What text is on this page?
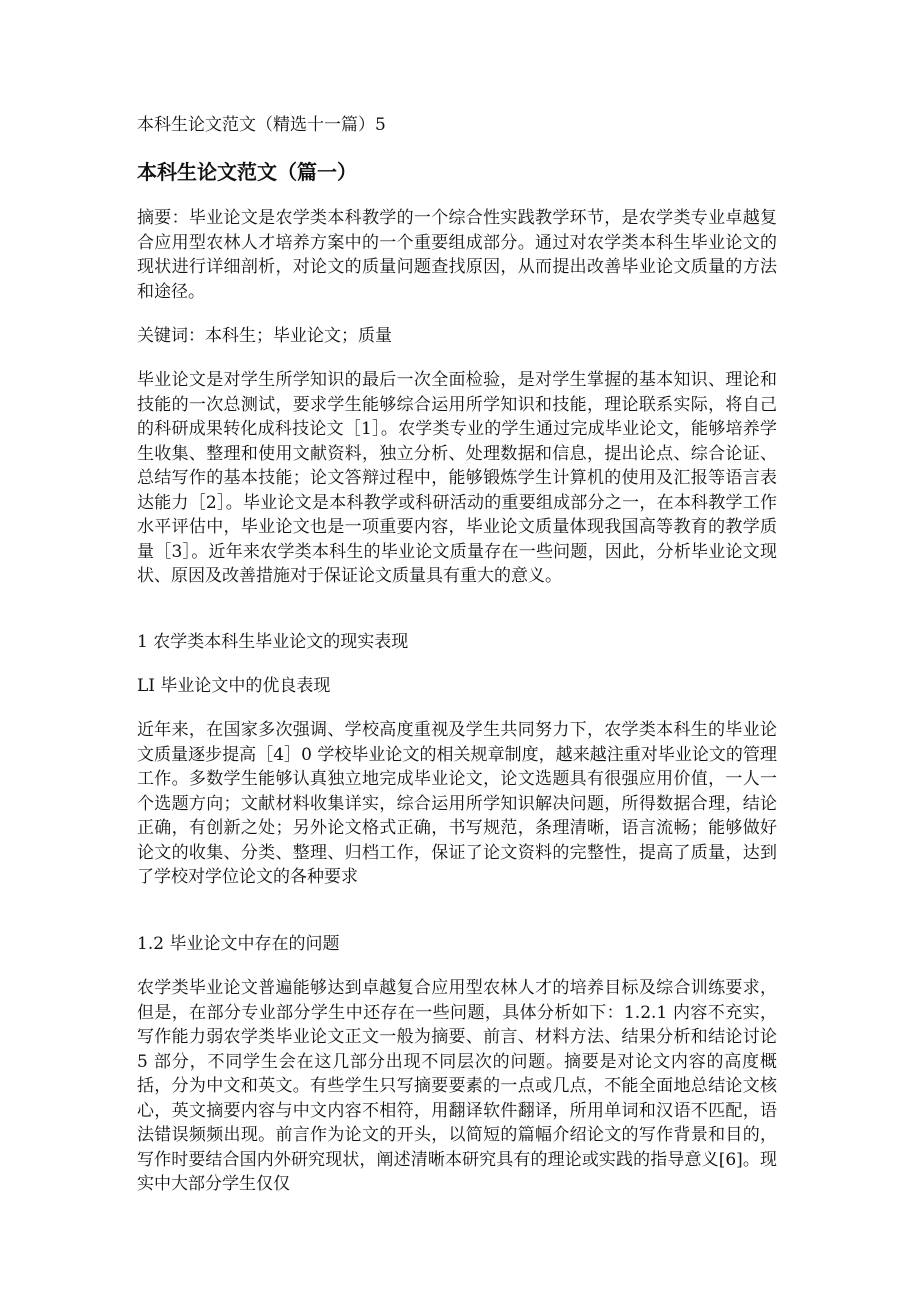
本科生论文范文（精选十一篇）5
本科生论文范文（篇一）

摘要：毕业论文是农学类本科教学的一个综合性实践教学环节，是农学类专业卓越复合应用型农林人才培养方案中的一个重要组成部分。通过对农学类本科生毕业论文的现状进行详细剖析，对论文的质量问题查找原因，从而提出改善毕业论文质量的方法和途径。

关键词：本科生；毕业论文；质量

毕业论文是对学生所学知识的最后一次全面检验，是对学生掌握的基本知识、理论和技能的一次总测试，要求学生能够综合运用所学知识和技能，理论联系实际，将自己的科研成果转化成科技论文［1］。农学类专业的学生通过完成毕业论文，能够培养学生收集、整理和使用文献资料，独立分析、处理数据和信息，提出论点、综合论证、总结写作的基本技能；论文答辩过程中，能够锻炼学生计算机的使用及汇报等语言表达能力［2］。毕业论文是本科教学或科研活动的重要组成部分之一，在本科教学工作水平评估中，毕业论文也是一项重要内容，毕业论文质量体现我国高等教育的教学质量［3］。近年来农学类本科生的毕业论文质量存在一些问题，因此，分析毕业论文现状、原因及改善措施对于保证论文质量具有重大的意义。

1 农学类本科生毕业论文的现实表现

LI 毕业论文中的优良表现

近年来，在国家多次强调、学校高度重视及学生共同努力下，农学类本科生的毕业论文质量逐步提高［4］0 学校毕业论文的相关规章制度，越来越注重对毕业论文的管理工作。多数学生能够认真独立地完成毕业论文，论文选题具有很强应用价值，一人一个选题方向；文献材料收集详实，综合运用所学知识解决问题，所得数据合理，结论正确，有创新之处；另外论文格式正确，书写规范，条理清晰，语言流畅；能够做好论文的收集、分类、整理、归档工作，保证了论文资料的完整性，提高了质量，达到了学校对学位论文的各种要求

1.2 毕业论文中存在的问题

农学类毕业论文普遍能够达到卓越复合应用型农林人才的培养目标及综合训练要求，但是，在部分专业部分学生中还存在一些问题，具体分析如下：1.2.1 内容不充实，写作能力弱农学类毕业论文正文一般为摘要、前言、材料方法、结果分析和结论讨论 5 部分，不同学生会在这几部分出现不同层次的问题。摘要是对论文内容的高度概括，分为中文和英文。有些学生只写摘要要素的一点或几点，不能全面地总结论文核心，英文摘要内容与中文内容不相符，用翻译软件翻译，所用单词和汉语不匹配，语法错误频频出现。前言作为论文的开头，以简短的篇幅介绍论文的写作背景和目的，写作时要结合国内外研究现状，阐述清晰本研究具有的理论或实践的指导意义[6]。现实中大部分学生仅仅
